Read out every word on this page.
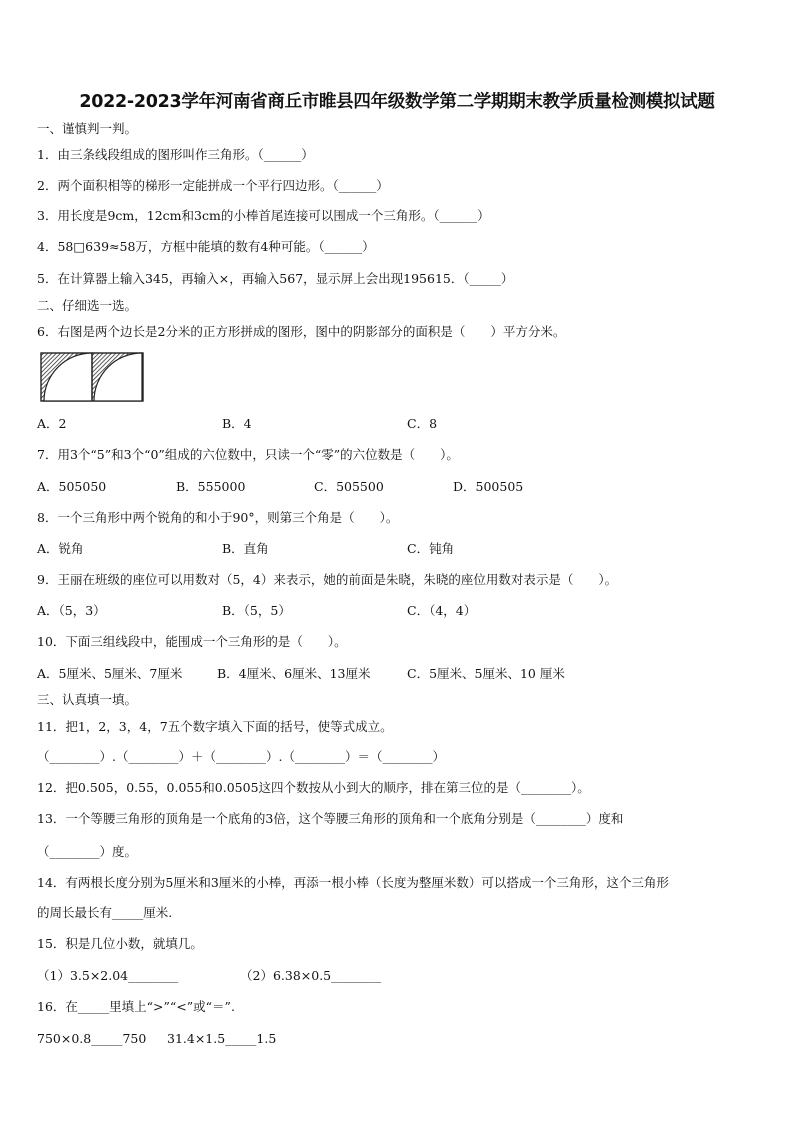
2022-2023学年河南省商丘市睢县四年级数学第二学期期末教学质量检测模拟试题
一、谨慎判一判。
1．由三条线段组成的图形叫作三角形。（______）
2．两个面积相等的梯形一定能拼成一个平行四边形。（______）
3．用长度是9cm，12cm和3cm的小棒首尾连接可以围成一个三角形。（______）
4．58□639≈58万，方框中能填的数有4种可能。（______）
5．在计算器上输入345，再输入×，再输入567，显示屏上会出现195615．（_____）
二、仔细选一选。
6．右图是两个边长是2分米的正方形拼成的图形，图中的阴影部分的面积是（　　）平方分米。
A．2	B．4	C．8
7．用3个“5”和3个“0”组成的六位数中，只读一个“零”的六位数是（　　）。
A．505050	B．555000	C．505500	D．500505
8．一个三角形中两个锐角的和小于90°，则第三个角是（　　）。
A．锐角	B．直角	C．钝角
9．王丽在班级的座位可以用数对（5，4）来表示，她的前面是朱晓，朱晓的座位用数对表示是（　　）。
A．（5，3）	B．（5，5）	C．（4，4）
10．下面三组线段中，能围成一个三角形的是（　　）。
A．5厘米、5厘米、7厘米	B．4厘米、6厘米、13厘米	C．5厘米、5厘米、10 厘米
三、认真填一填。
11．把1，2，3，4，7五个数字填入下面的括号，使等式成立。
（________）.（________）＋（________）.（________）＝（________）
12．把0.505，0.55，0.055和0.0505这四个数按从小到大的顺序，排在第三位的是（________）。
13．一个等腰三角形的顶角是一个底角的3倍，这个等腰三角形的顶角和一个底角分别是（________）度和
（________）度。
14．有两根长度分别为5厘米和3厘米的小棒，再添一根小棒（长度为整厘米数）可以搭成一个三角形，这个三角形
的周长最长有_____厘米.
15．积是几位小数，就填几。
（1）3.5×2.04________	（2）6.38×0.5________
16．在_____里填上“>”“<”或“＝”.
750×0.8_____750 31.4×1.5_____1.5
